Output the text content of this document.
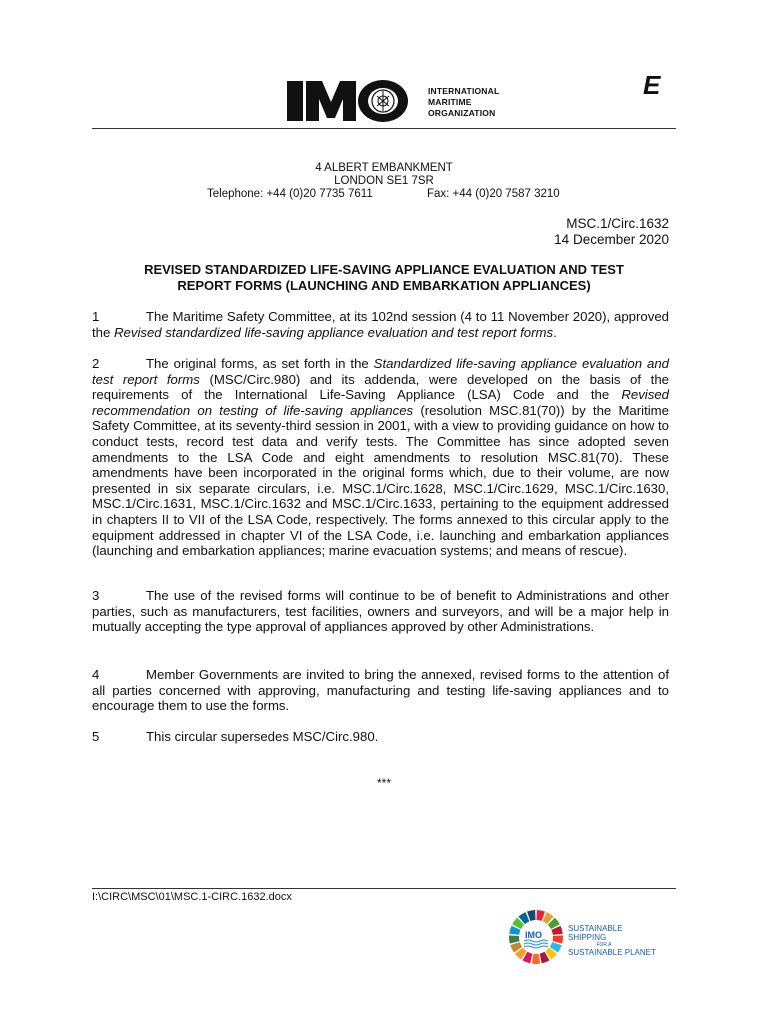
INTERNATIONAL
MARITIME
ORGANIZATION
E
4 ALBERT EMBANKMENT
LONDON SE1 7SR
Telephone: +44 (0)20 7735 7611	Fax: +44 (0)20 7587 3210
MSC.1/Circ.1632
14 December 2020
REVISED STANDARDIZED LIFE-SAVING APPLIANCE EVALUATION AND TEST
REPORT FORMS (LAUNCHING AND EMBARKATION APPLIANCES)
1	The Maritime Safety Committee, at its 102nd session (4 to 11 November 2020), approved the Revised standardized life-saving appliance evaluation and test report forms.
2	The original forms, as set forth in the Standardized life-saving appliance evaluation and test report forms (MSC/Circ.980) and its addenda, were developed on the basis of the requirements of the International Life-Saving Appliance (LSA) Code and the Revised recommendation on testing of life-saving appliances (resolution MSC.81(70)) by the Maritime Safety Committee, at its seventy-third session in 2001, with a view to providing guidance on how to conduct tests, record test data and verify tests. The Committee has since adopted seven amendments to the LSA Code and eight amendments to resolution MSC.81(70). These amendments have been incorporated in the original forms which, due to their volume, are now presented in six separate circulars, i.e. MSC.1/Circ.1628, MSC.1/Circ.1629, MSC.1/Circ.1630, MSC.1/Circ.1631, MSC.1/Circ.1632 and MSC.1/Circ.1633, pertaining to the equipment addressed in chapters II to VII of the LSA Code, respectively. The forms annexed to this circular apply to the equipment addressed in chapter VI of the LSA Code, i.e. launching and embarkation appliances (launching and embarkation appliances; marine evacuation systems; and means of rescue).
3	The use of the revised forms will continue to be of benefit to Administrations and other parties, such as manufacturers, test facilities, owners and surveyors, and will be a major help in mutually accepting the type approval of appliances approved by other Administrations.
4	Member Governments are invited to bring the annexed, revised forms to the attention of all parties concerned with approving, manufacturing and testing life-saving appliances and to encourage them to use the forms.
5	This circular supersedes MSC/Circ.980.
***
I:\CIRC\MSC\01\MSC.1-CIRC.1632.docx
IMO
SUSTAINABLE SHIPPING
FOR A
SUSTAINABLE PLANET
